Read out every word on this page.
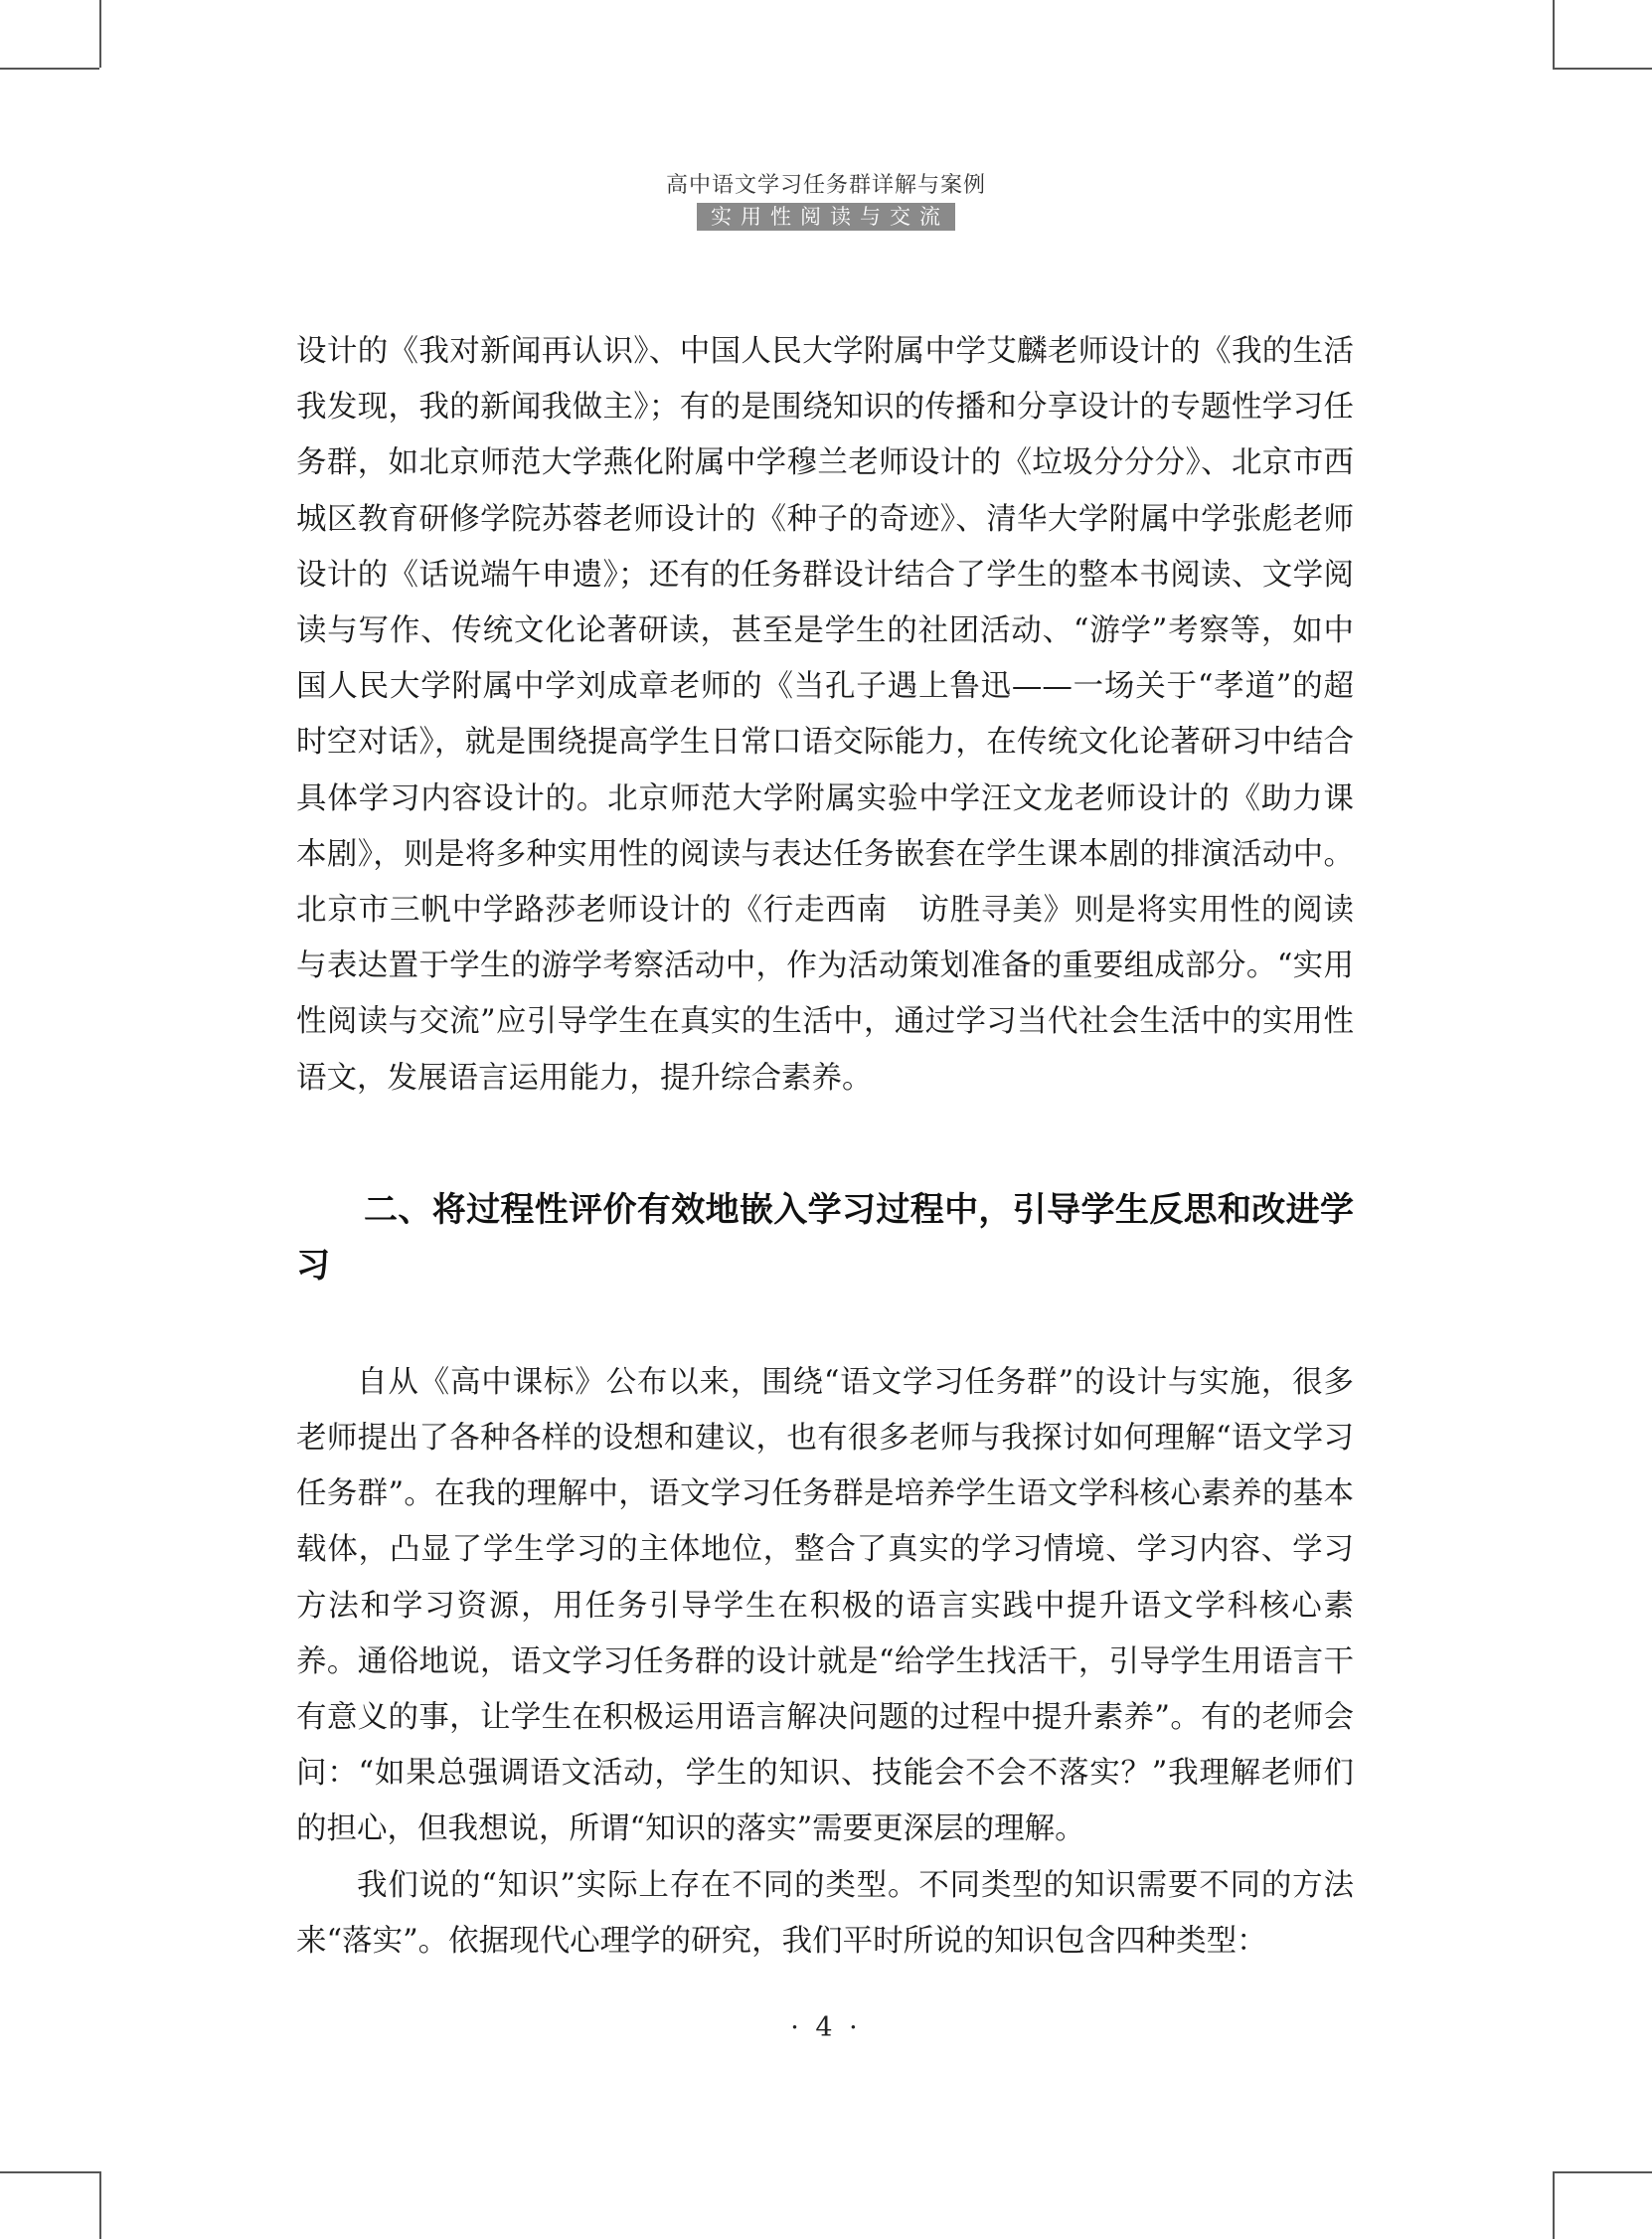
高中语文学习任务群详解与案例
实用性阅读与交流

设计的《我对新闻再认识》、中国人民大学附属中学艾麟老师设计的《我的生活我发现，我的新闻我做主》；有的是围绕知识的传播和分享设计的专题性学习任务群，如北京师范大学燕化附属中学穆兰老师设计的《垃圾分分分》、北京市西城区教育研修学院苏蓉老师设计的《种子的奇迹》、清华大学附属中学张彪老师设计的《话说端午申遗》；还有的任务群设计结合了学生的整本书阅读、文学阅读与写作、传统文化论著研读，甚至是学生的社团活动、“游学”考察等，如中国人民大学附属中学刘成章老师的《当孔子遇上鲁迅——一场关于“孝道”的超时空对话》，就是围绕提高学生日常口语交际能力，在传统文化论著研习中结合具体学习内容设计的。北京师范大学附属实验中学汪文龙老师设计的《助力课本剧》，则是将多种实用性的阅读与表达任务嵌套在学生课本剧的排演活动中。北京市三帆中学路莎老师设计的《行走西南　访胜寻美》则是将实用性的阅读与表达置于学生的游学考察活动中，作为活动策划准备的重要组成部分。“实用性阅读与交流”应引导学生在真实的生活中，通过学习当代社会生活中的实用性语文，发展语言运用能力，提升综合素养。

二、将过程性评价有效地嵌入学习过程中，引导学生反思和改进学习

自从《高中课标》公布以来，围绕“语文学习任务群”的设计与实施，很多老师提出了各种各样的设想和建议，也有很多老师与我探讨如何理解“语文学习任务群”。在我的理解中，语文学习任务群是培养学生语文学科核心素养的基本载体，凸显了学生学习的主体地位，整合了真实的学习情境、学习内容、学习方法和学习资源，用任务引导学生在积极的语言实践中提升语文学科核心素养。通俗地说，语文学习任务群的设计就是“给学生找活干，引导学生用语言干有意义的事，让学生在积极运用语言解决问题的过程中提升素养”。有的老师会问：“如果总强调语文活动，学生的知识、技能会不会不落实？”我理解老师们的担心，但我想说，所谓“知识的落实”需要更深层的理解。

我们说的“知识”实际上存在不同的类型。不同类型的知识需要不同的方法来“落实”。依据现代心理学的研究，我们平时所说的知识包含四种类型：

· 4 ·
